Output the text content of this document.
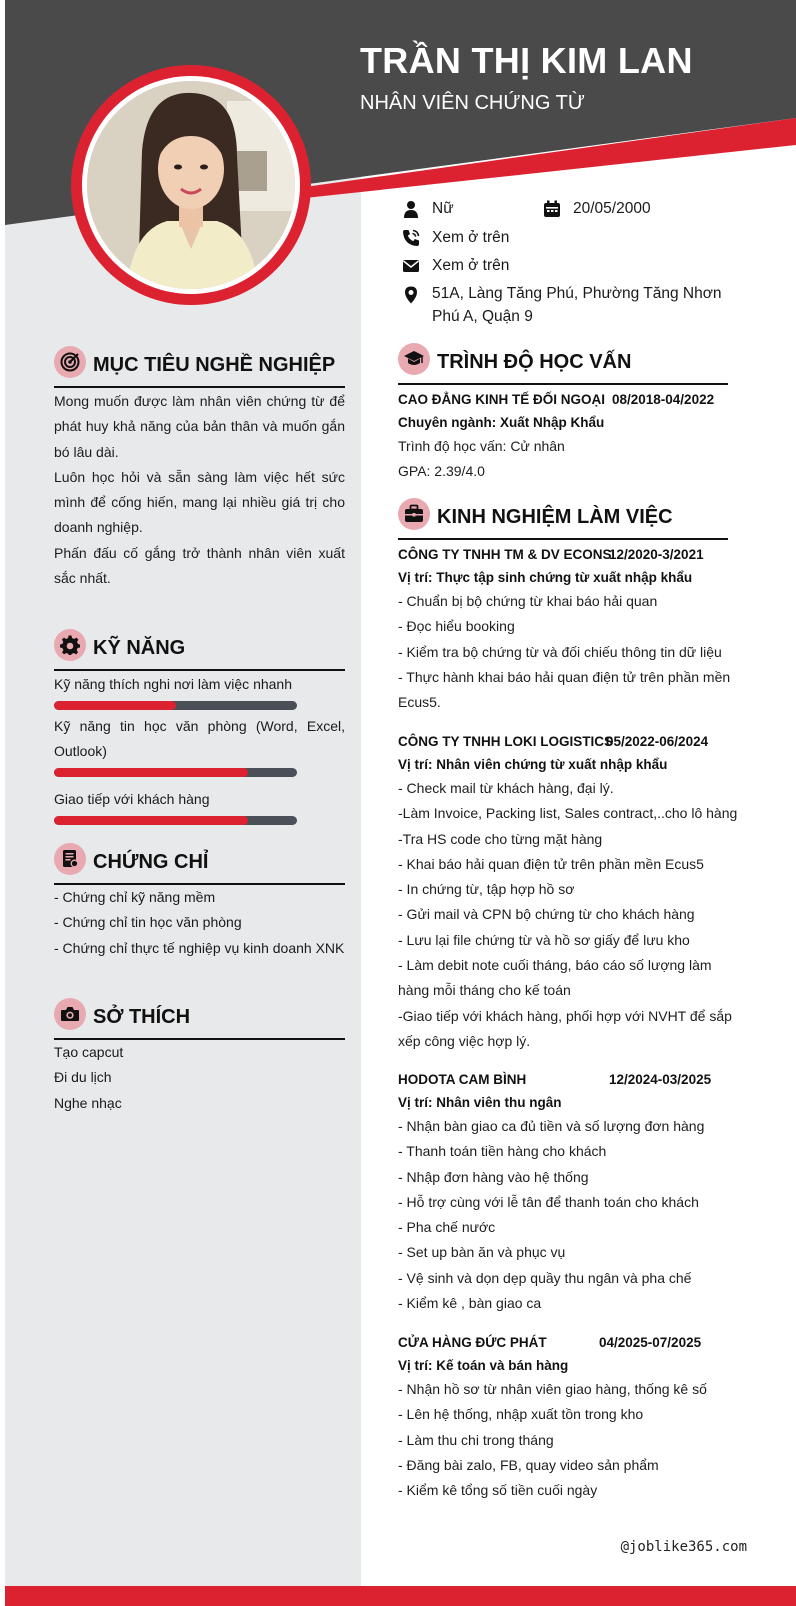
TRẦN THỊ KIM LAN
NHÂN VIÊN CHỨNG TỪ
Nữ	20/05/2000
Xem ở trên
Xem ở trên
51A, Làng Tăng Phú, Phường Tăng Nhơn Phú A, Quận 9
MỤC TIÊU NGHỀ NGHIỆP

Mong muốn được làm nhân viên chứng từ để phát huy khả năng của bản thân và muốn gắn bó lâu dài.

Luôn học hỏi và sẵn sàng làm việc hết sức mình để cống hiến, mang lại nhiều giá trị cho doanh nghiệp.

Phấn đấu cố gắng trở thành nhân viên xuất sắc nhất.

KỸ NĂNG
Kỹ năng thích nghi nơi làm việc nhanh
Kỹ năng tin học văn phòng (Word, Excel, Outlook)
Giao tiếp với khách hàng
CHỨNG CHỈ
- Chứng chỉ kỹ năng mềm
- Chứng chỉ tin học văn phòng
- Chứng chỉ thực tế nghiệp vụ kinh doanh XNK
SỞ THÍCH
Tạo capcut
Đi du lịch
Nghe nhạc
TRÌNH ĐỘ HỌC VẤN
CAO ĐẲNG KINH TẾ ĐỐI NGOẠI 08/2018-04/2022
Chuyên ngành: Xuất Nhập Khẩu
Trình độ học vấn: Cử nhân
GPA: 2.39/4.0
KINH NGHIỆM LÀM VIỆC
CÔNG TY TNHH TM & DV ECONS
12/2020-3/2021
Vị trí: Thực tập sinh chứng từ xuất nhập khẩu
- Chuẩn bị bộ chứng từ khai báo hải quan
- Đọc hiểu booking
- Kiểm tra bộ chứng từ và đối chiếu thông tin dữ liệu
- Thực hành khai báo hải quan điện tử trên phần mền
Ecus5.
CÔNG TY TNHH LOKI LOGISTICS
05/2022-06/2024
Vị trí: Nhân viên chứng từ xuất nhập khẩu
- Check mail từ khách hàng, đại lý.
-Làm Invoice, Packing list, Sales contract,..cho lô hàng
-Tra HS code cho từng mặt hàng
- Khai báo hải quan điện tử trên phần mền Ecus5
- In chứng từ, tập hợp hồ sơ
- Gửi mail và CPN bộ chứng từ cho khách hàng
- Lưu lại file chứng từ và hồ sơ giấy để lưu kho
- Làm debit note cuối tháng, báo cáo số lượng làm
hàng mỗi tháng cho kế toán
-Giao tiếp với khách hàng, phối hợp với NVHT để sắp
xếp công việc hợp lý.
HODOTA CAM BÌNH	12/2024-03/2025
Vị trí: Nhân viên thu ngân
- Nhận bàn giao ca đủ tiền và số lượng đơn hàng
- Thanh toán tiền hàng cho khách
- Nhập đơn hàng vào hệ thống
- Hỗ trợ cùng với lễ tân để thanh toán cho khách
- Pha chế nước
- Set up bàn ăn và phục vụ
- Vệ sinh và dọn dẹp quầy thu ngân và pha chế
- Kiểm kê , bàn giao ca
CỬA HÀNG ĐỨC PHÁT	04/2025-07/2025
Vị trí: Kế toán và bán hàng
- Nhận hồ sơ từ nhân viên giao hàng, thống kê số
- Lên hệ thống, nhập xuất tồn trong kho
- Làm thu chi trong tháng
- Đăng bài zalo, FB, quay video sản phẩm
- Kiểm kê tổng số tiền cuối ngày
@joblike365.com
